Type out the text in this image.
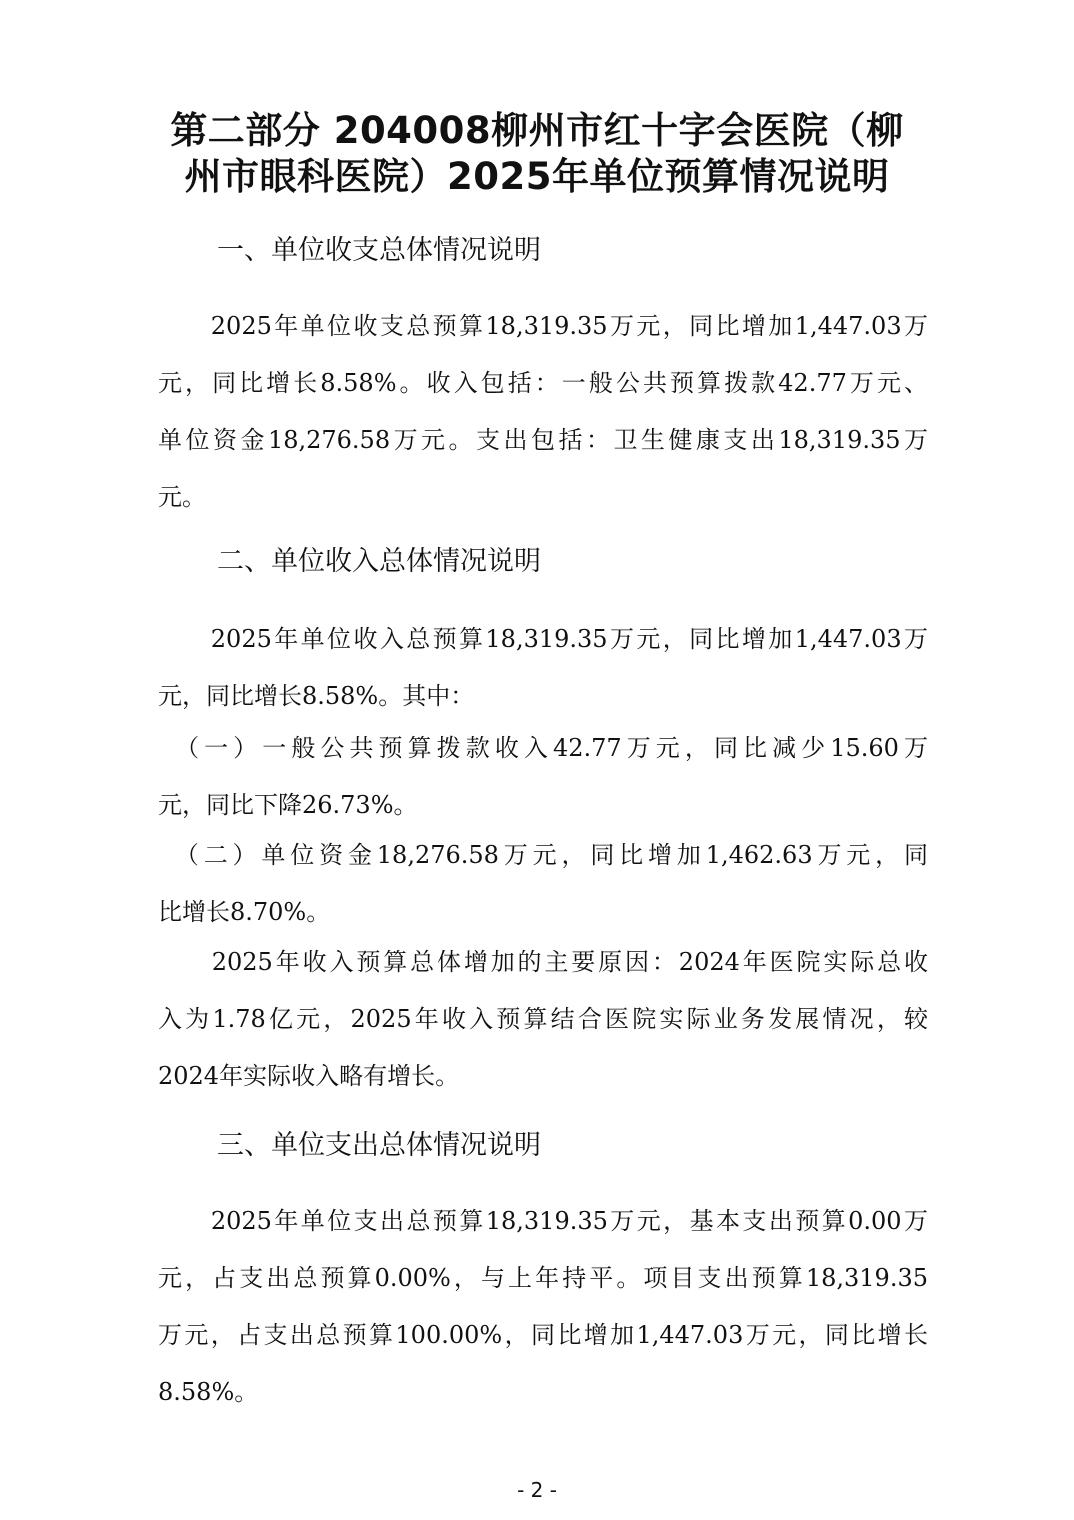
第二部分 204008柳州市红十字会医院（柳
州市眼科医院）2025年单位预算情况说明
一、单位收支总体情况说明
　　2025年单位收支总预算18,319.35万元，同比增加1,447.03万
元，同比增长8.58%。收入包括：一般公共预算拨款42.77万元、
单位资金18,276.58万元。支出包括：卫生健康支出18,319.35万
元。
二、单位收入总体情况说明
　　2025年单位收入总预算18,319.35万元，同比增加1,447.03万
元，同比增长8.58%。其中：
　（一）一般公共预算拨款收入42.77万元，同比减少15.60万
元，同比下降26.73%。
　（二）单位资金18,276.58万元，同比增加1,462.63万元，同
比增长8.70%。
　　2025年收入预算总体增加的主要原因：2024年医院实际总收
入为1.78亿元，2025年收入预算结合医院实际业务发展情况，较
2024年实际收入略有增长。
三、单位支出总体情况说明
　　2025年单位支出总预算18,319.35万元，基本支出预算0.00万
元，占支出总预算0.00%，与上年持平。项目支出预算18,319.35
万元，占支出总预算100.00%，同比增加1,447.03万元，同比增长
8.58%。
- 2 -
